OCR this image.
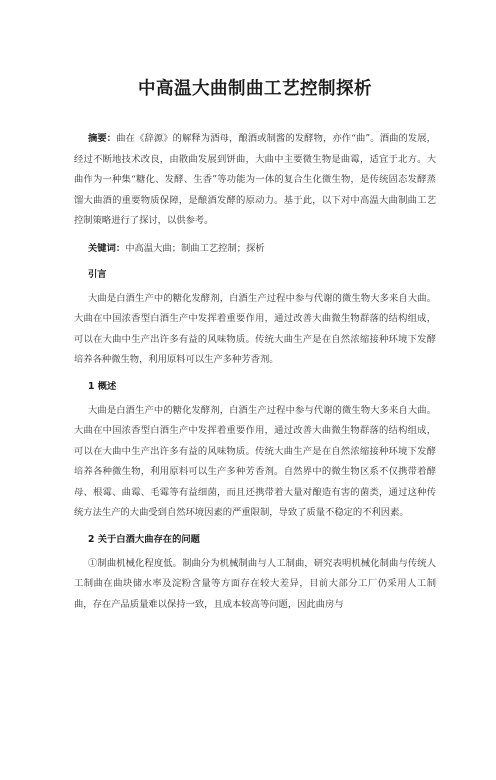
中高温大曲制曲工艺控制探析
摘要：曲在《辞源》的解释为酒母，酿酒或制酱的发酵物，亦作“曲”。酒曲的发展，经过不断地技术改良，由散曲发展到饼曲，大曲中主要微生物是曲霉，适宜于北方。大曲作为一种集“糖化、发酵、生香”等功能为一体的复合生化微生物，是传统固态发酵蒸馏大曲酒的重要物质保障，是酿酒发酵的原动力。基于此，以下对中高温大曲制曲工艺控制策略进行了探讨，以供参考。
关键词：中高温大曲；制曲工艺控制；探析
引言
大曲是白酒生产中的糖化发酵剂，白酒生产过程中参与代谢的微生物大多来自大曲。大曲在中国浓香型白酒生产中发挥着重要作用，通过改善大曲微生物群落的结构组成，可以在大曲中生产出许多有益的风味物质。传统大曲生产是在自然浓缩接种环境下发酵培养各种微生物，利用原料可以生产多种芳香剂。
1 概述
大曲是白酒生产中的糖化发酵剂，白酒生产过程中参与代谢的微生物大多来自大曲。大曲在中国浓香型白酒生产中发挥着重要作用，通过改善大曲微生物群落的结构组成，可以在大曲中生产出许多有益的风味物质。传统大曲生产是在自然浓缩接种环境下发酵培养各种微生物，利用原料可以生产多种芳香剂。自然界中的微生物区系不仅携带着酵母、根霉、曲霉、毛霉等有益细菌，而且还携带着大量对酿造有害的菌类，通过这种传统方法生产的大曲受到自然环境因素的严重限制，导致了质量不稳定的不利因素。
2 关于白酒大曲存在的问题
①制曲机械化程度低。制曲分为机械制曲与人工制曲，研究表明机械化制曲与传统人工制曲在曲块储水率及淀粉含量等方面存在较大差异，目前大部分工厂仍采用人工制曲，存在产品质量难以保持一致，且成本较高等问题，因此曲房与
